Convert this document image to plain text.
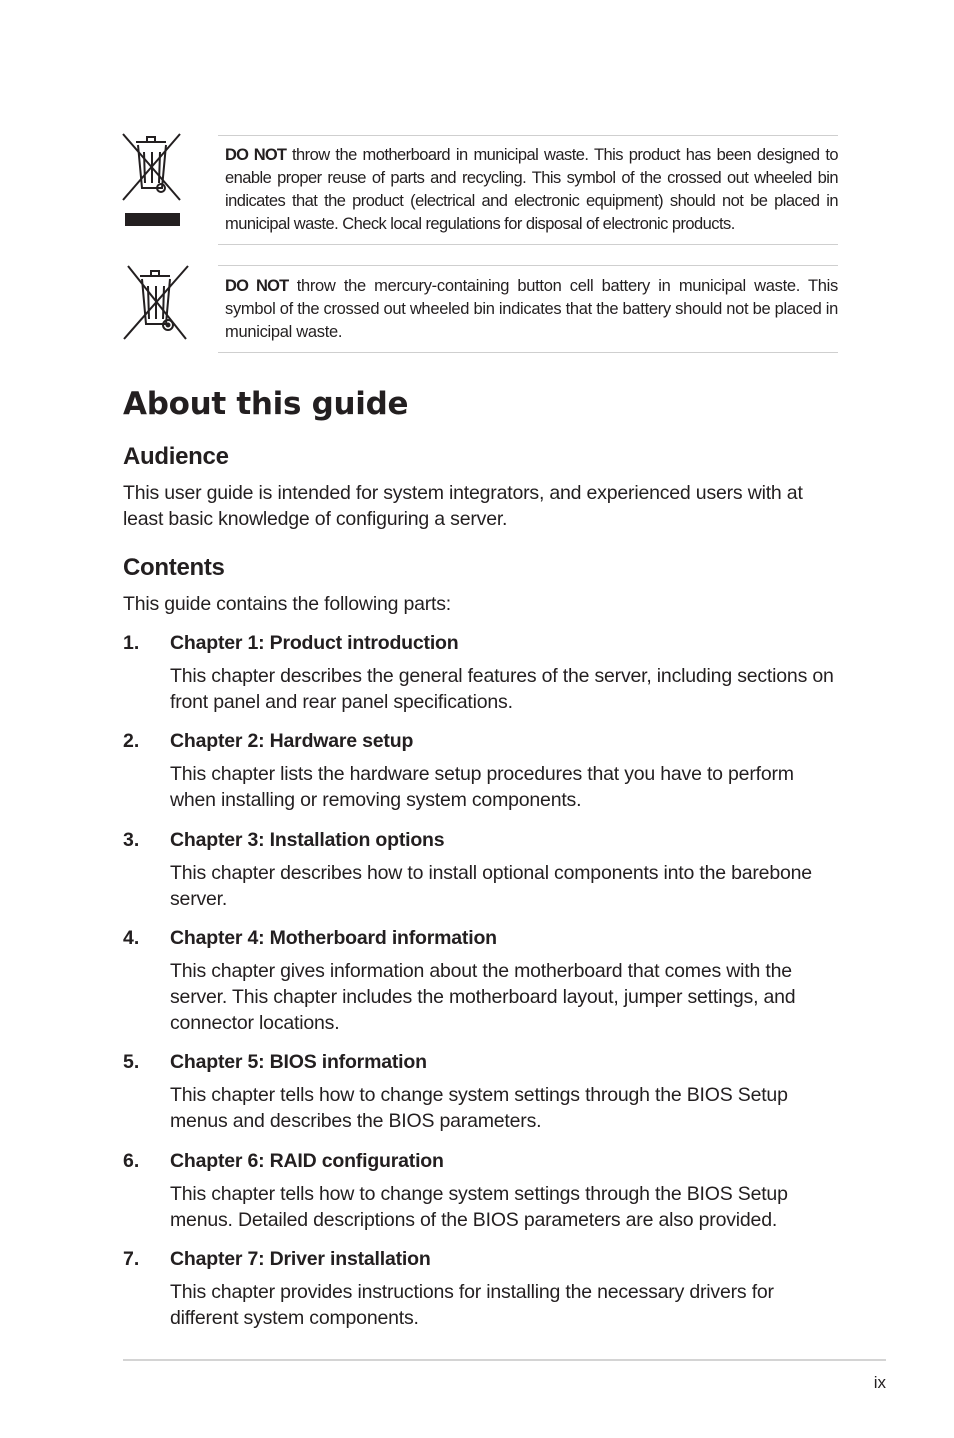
DO NOT throw the motherboard in municipal waste. This product has been designed to enable proper reuse of parts and recycling. This symbol of the crossed out wheeled bin indicates that the product (electrical and electronic equipment) should not be placed in municipal waste. Check local regulations for disposal of electronic products.
DO NOT throw the mercury-containing button cell battery in municipal waste. This symbol of the crossed out wheeled bin indicates that the battery should not be placed in municipal waste.
About this guide
Audience

This user guide is intended for system integrators, and experienced users with at least basic knowledge of configuring a server.

Contents

This guide contains the following parts:

1. Chapter 1: Product introduction
This chapter describes the general features of the server, including sections on front panel and rear panel specifications.
2. Chapter 2: Hardware setup
This chapter lists the hardware setup procedures that you have to perform when installing or removing system components.
3. Chapter 3: Installation options
This chapter describes how to install optional components into the barebone server.
4. Chapter 4: Motherboard information
This chapter gives information about the motherboard that comes with the server. This chapter includes the motherboard layout, jumper settings, and connector locations.
5. Chapter 5: BIOS information
This chapter tells how to change system settings through the BIOS Setup menus and describes the BIOS parameters.
6. Chapter 6: RAID configuration
This chapter tells how to change system settings through the BIOS Setup menus. Detailed descriptions of the BIOS parameters are also provided.
7. Chapter 7: Driver installation
This chapter provides instructions for installing the necessary drivers for different system components.
ix
